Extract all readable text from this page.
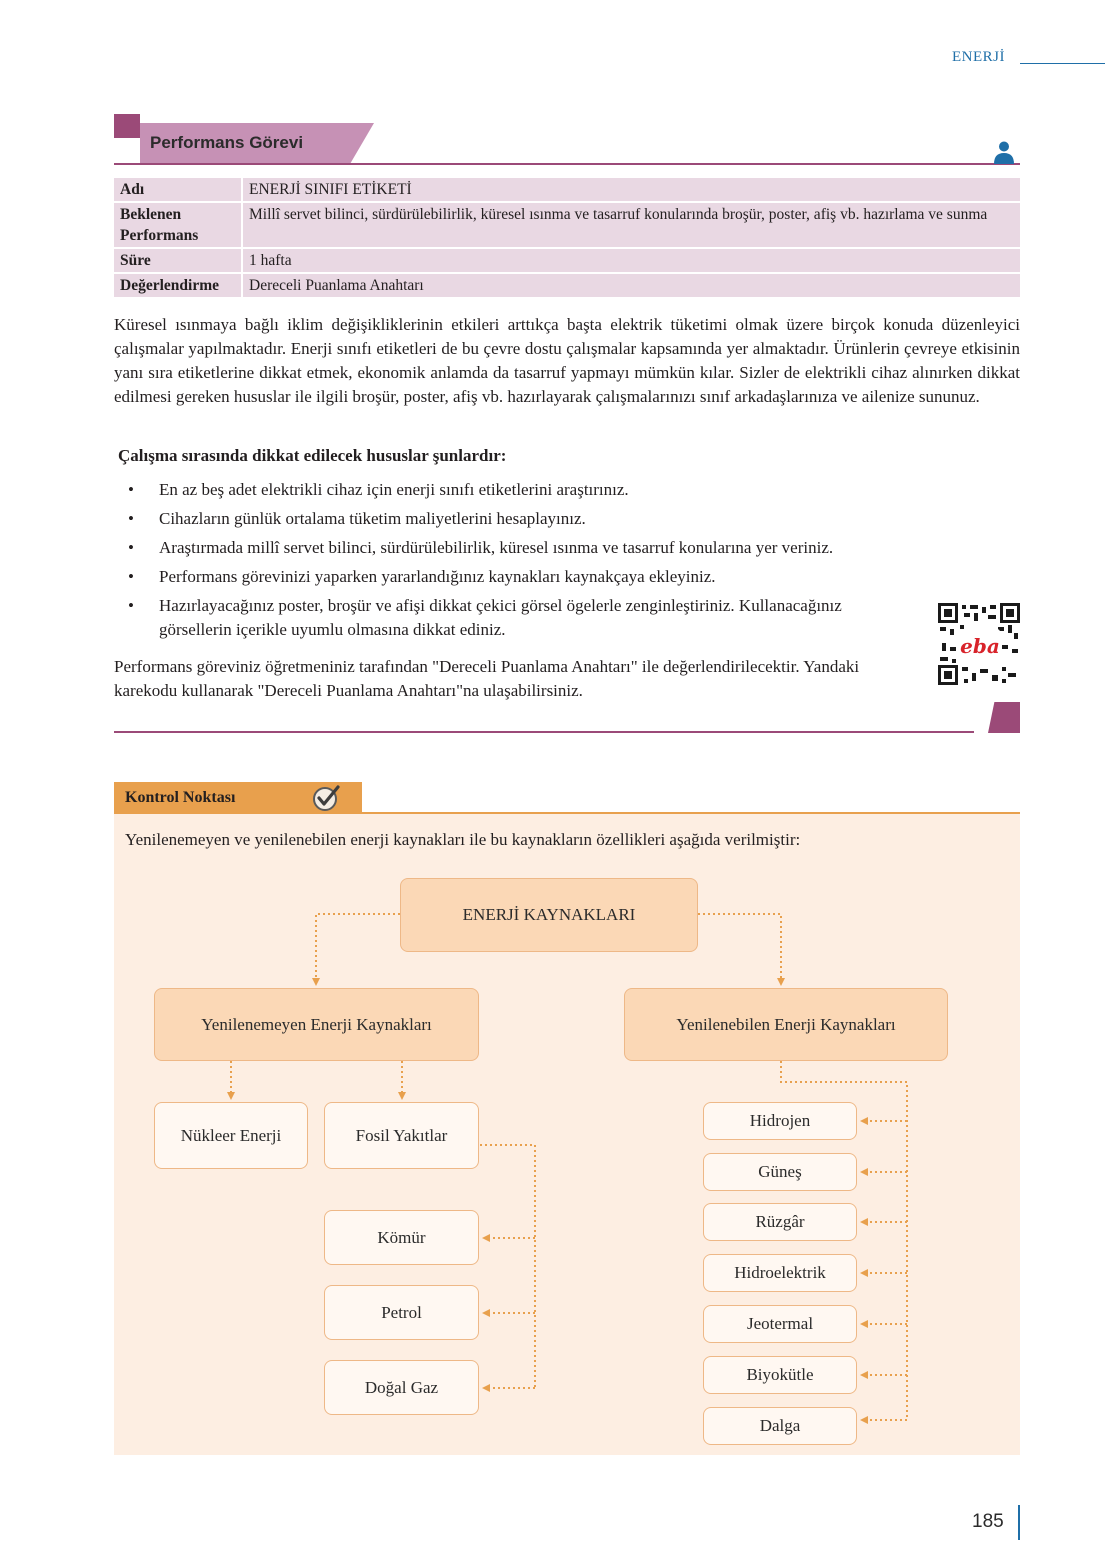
ENERJİ
Performans Görevi
Adı	ENERJİ SINIFI ETİKETİ
Beklenen Performans	Millî servet bilinci, sürdürülebilirlik, küresel ısınma ve tasarruf konularında broşür, poster, afiş vb. hazırlama ve sunma
Süre	1 hafta
Değerlendirme	Dereceli Puanlama Anahtarı

Küresel ısınmaya bağlı iklim değişikliklerinin etkileri arttıkça başta elektrik tüketimi olmak üzere birçok konuda düzenleyici çalışmalar yapılmaktadır. Enerji sınıfı etiketleri de bu çevre dostu çalışmalar kapsamında yer almaktadır. Ürünlerin çevreye etkisinin yanı sıra etiketlerine dikkat etmek, ekonomik anlamda da tasarruf yapmayı mümkün kılar. Sizler de elektrikli cihaz alınırken dikkat edilmesi gereken hususlar ile ilgili broşür, poster, afiş vb. hazırlayarak çalışmalarınızı sınıf arkadaşlarınıza ve ailenize sununuz.

Çalışma sırasında dikkat edilecek hususlar şunlardır:
• En az beş adet elektrikli cihaz için enerji sınıfı etiketlerini araştırınız.
• Cihazların günlük ortalama tüketim maliyetlerini hesaplayınız.
• Araştırmada millî servet bilinci, sürdürülebilirlik, küresel ısınma ve tasarruf konularına yer veriniz.
• Performans görevinizi yaparken yararlandığınız kaynakları kaynakçaya ekleyiniz.
• Hazırlayacağınız poster, broşür ve afişi dikkat çekici görsel ögelerle zenginleştiriniz. Kullanacağınız görsellerin içerikle uyumlu olmasına dikkat ediniz.

Performans göreviniz öğretmeniniz tarafından "Dereceli Puanlama Anahtarı" ile değerlendirilecektir. Yandaki karekodu kullanarak "Dereceli Puanlama Anahtarı"na ulaşabilirsiniz.

eba
Kontrol Noktası
Yenilenemeyen ve yenilenebilen enerji kaynakları ile bu kaynakların özellikleri aşağıda verilmiştir:
ENERJİ KAYNAKLARI
Yenilenemeyen Enerji Kaynakları	Yenilenebilen Enerji Kaynakları
Nükleer Enerji	Fosil Yakıtlar
Kömür
Petrol
Doğal Gaz
Hidrojen
Güneş
Rüzgâr
Hidroelektrik
Jeotermal
Biyokütle
Dalga
185
